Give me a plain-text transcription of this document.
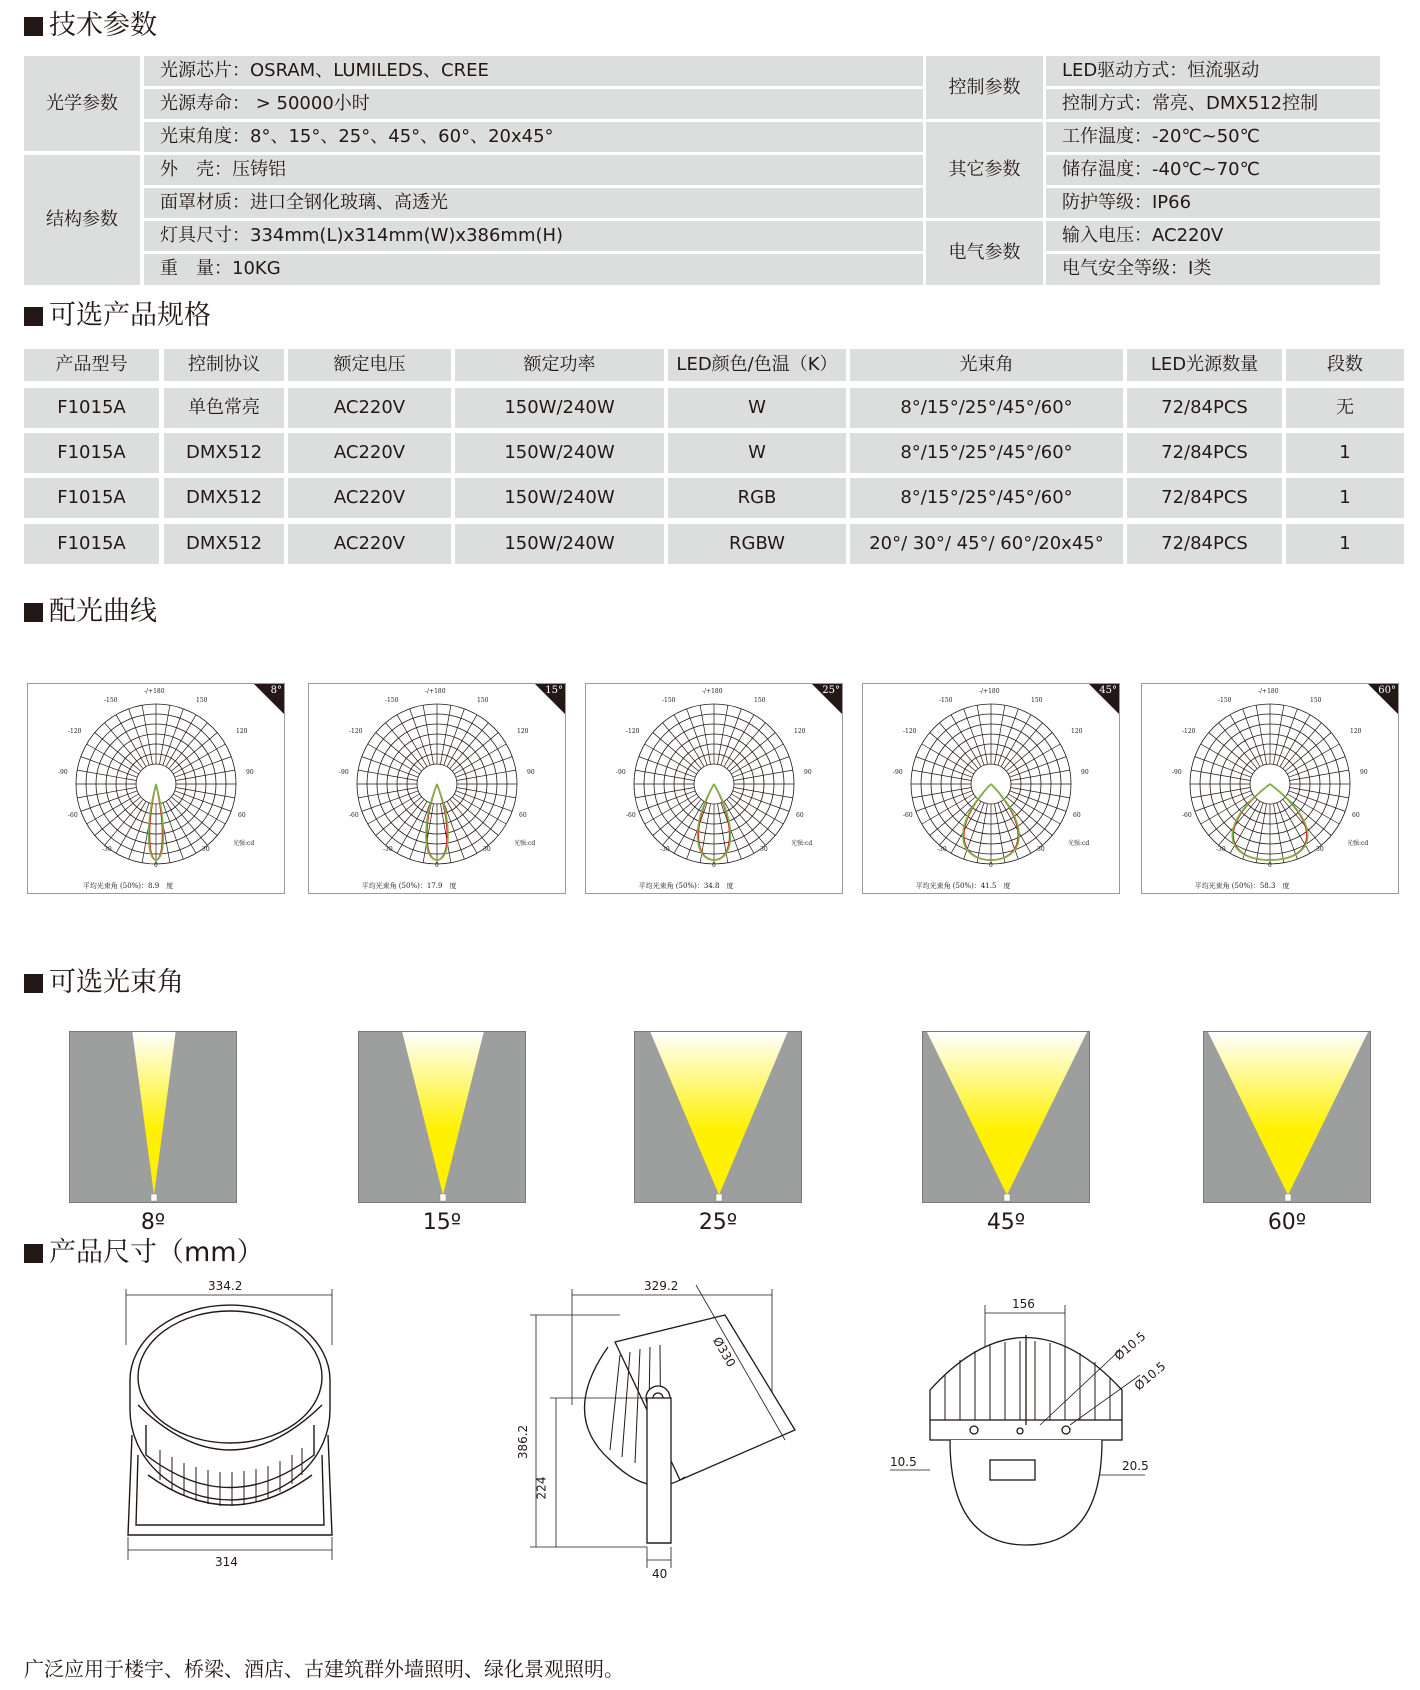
技术参数
光学参数
光源芯片：OSRAM、LUMILEDS、CREE
光源寿命： > 50000小时
光束角度：8°、15°、25°、45°、60°、20x45°
结构参数
外　壳：压铸铝
面罩材质：进口全钢化玻璃、高透光
灯具尺寸：334mm(L)x314mm(W)x386mm(H)
重　量：10KG
控制参数
LED驱动方式：恒流驱动
控制方式：常亮、DMX512控制
其它参数
工作温度：-20℃~50℃
储存温度：-40℃~70℃
防护等级：IP66
电气参数
输入电压：AC220V
电气安全等级：I类
可选产品规格
产品型号	控制协议	额定电压	额定功率	LED颜色/色温（K）	光束角	LED光源数量	段数
F1015A	单色常亮	AC220V	150W/240W	W	8°/15°/25°/45°/60°	72/84PCS	无
F1015A	DMX512	AC220V	150W/240W	W	8°/15°/25°/45°/60°	72/84PCS	1
F1015A	DMX512	AC220V	150W/240W	RGB	8°/15°/25°/45°/60°	72/84PCS	1
F1015A	DMX512	AC220V	150W/240W	RGBW	20°/ 30°/ 45°/ 60°/20x45°	72/84PCS	1
配光曲线
-/+180
-150	150
-120	120
-90	90
-60	60
-30	30
0
光强:cd
8°
平均光束角 (50%)：8.9　度
-/+180
-150	150
-120	120
-90	90
-60	60
-30	30
0
光强:cd
15°
平均光束角 (50%)：17.9　度
-/+180
-150	150
-120	120
-90	90
-60	60
-30	30
0
光强:cd
25°
平均光束角 (50%)：34.8　度
-/+180
-150	150
-120	120
-90	90
-60	60
-30	30
0
光强:cd
45°
平均光束角 (50%)：41.5　度
-/+180
-150	150
-120	120
-90	90
-60	60
-30	30
0
光强:cd
60°
平均光束角 (50%)：58.3　度
可选光束角
8º	15º	25º	45º	60º
产品尺寸（mm）
334.2
314
329.2
Ø330
386.2
224
40
156
Ø10.5
Ø10.5
10.5	20.5
广泛应用于楼宇、桥梁、酒店、古建筑群外墙照明、绿化景观照明。
